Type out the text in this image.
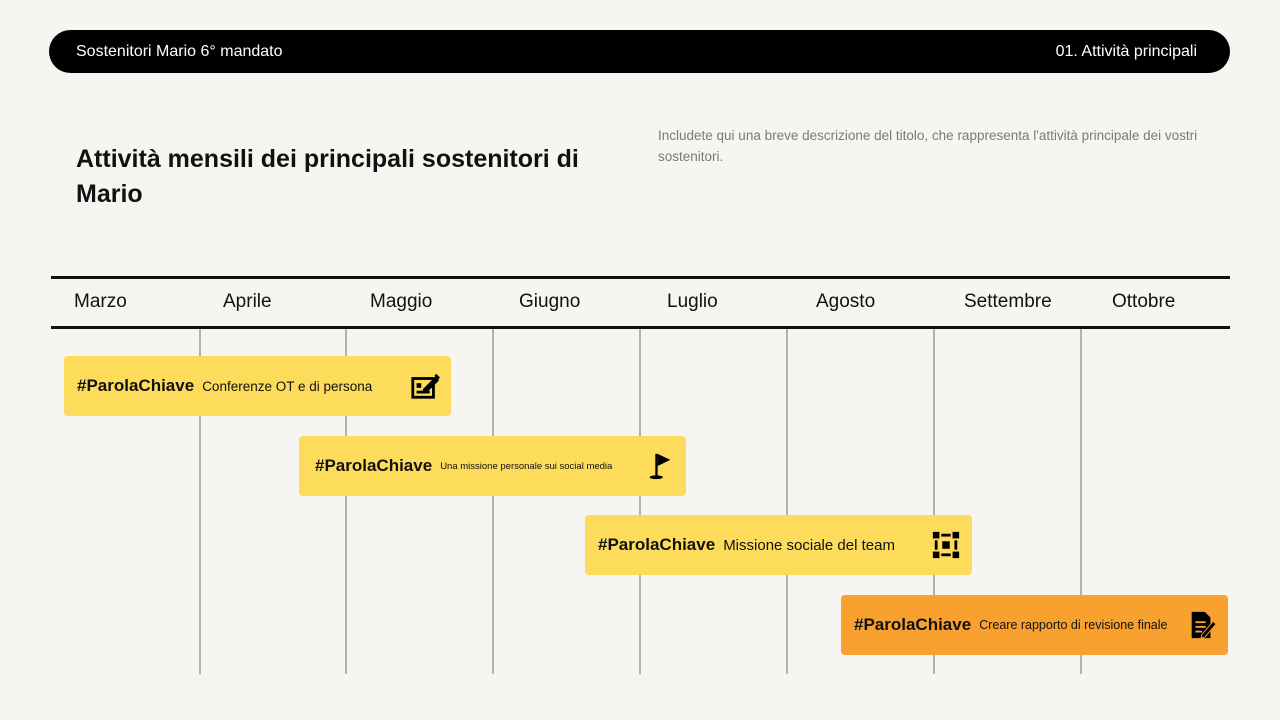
Sostenitori Mario 6° mandato	01. Attività principali
Attività mensili dei principali sostenitori di Mario

Includete qui una breve descrizione del titolo, che rappresenta l'attività principale dei vostri sostenitori.

Marzo	Aprile	Maggio	Giugno	Luglio	Agosto	Settembre	Ottobre
#ParolaChiave Conferenze OT e di persona
#ParolaChiave Una missione personale sui social media
#ParolaChiave Missione sociale del team
#ParolaChiave Creare rapporto di revisione finale
